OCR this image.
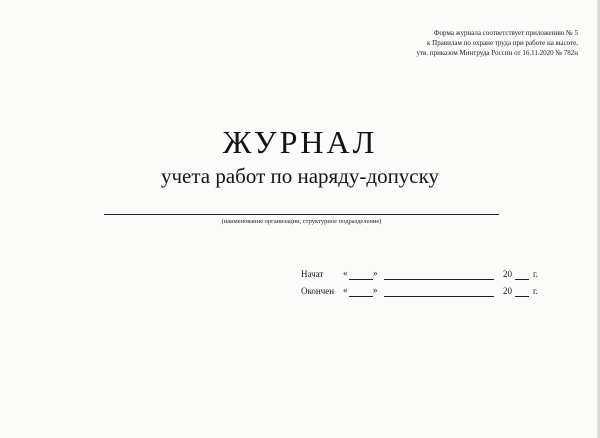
Форма журнала соответствует приложению № 5
к Правилам по охране труда при работе на высоте,
утв. приказом Минтруда России от 16.11.2020 № 782н
ЖУРНАЛ
учета работ по наряду-допуску
(наименование организации, структурное подразделение)
Начат «	»	20 г.
Окончен «	»	20 г.
